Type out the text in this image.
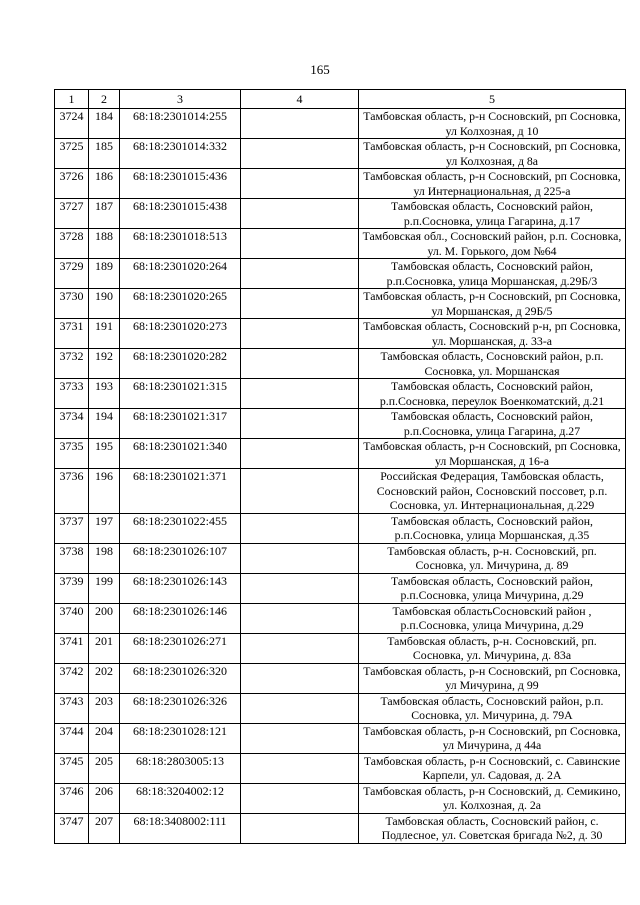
165
1	2	3	4	5
3724	184	68:18:2301014:255		Тамбовская область, р-н Сосновский, рп Сосновка, ул Колхозная, д 10
3725	185	68:18:2301014:332		Тамбовская область, р-н Сосновский, рп Сосновка, ул Колхозная, д 8а
3726	186	68:18:2301015:436		Тамбовская область, р-н Сосновский, рп Сосновка, ул Интернациональная, д 225-а
3727	187	68:18:2301015:438		Тамбовская область, Сосновский район, р.п.Сосновка, улица Гагарина, д.17
3728	188	68:18:2301018:513		Тамбовская обл., Сосновский район, р.п. Сосновка, ул. М. Горького, дом №64
3729	189	68:18:2301020:264		Тамбовская область, Сосновский район, р.п.Сосновка, улица Моршанская, д.29Б/3
3730	190	68:18:2301020:265		Тамбовская область, р-н Сосновский, рп Сосновка, ул Моршанская, д 29Б/5
3731	191	68:18:2301020:273		Тамбовская область, Сосновский р-н, рп Сосновка, ул. Моршанская, д. 33-а
3732	192	68:18:2301020:282		Тамбовская область, Сосновский район, р.п. Сосновка, ул. Моршанская
3733	193	68:18:2301021:315		Тамбовская область, Сосновский район, р.п.Сосновка, переулок Военкоматский, д.21
3734	194	68:18:2301021:317		Тамбовская область, Сосновский район, р.п.Сосновка, улица Гагарина, д.27
3735	195	68:18:2301021:340		Тамбовская область, р-н Сосновский, рп Сосновка, ул Моршанская, д 16-а
3736	196	68:18:2301021:371		Российская Федерация, Тамбовская область, Сосновский район, Сосновский поссовет, р.п. Сосновка, ул. Интернациональная, д.229
3737	197	68:18:2301022:455		Тамбовская область, Сосновский район, р.п.Сосновка, улица Моршанская, д.35
3738	198	68:18:2301026:107		Тамбовская область, р-н. Сосновский, рп. Сосновка, ул. Мичурина, д. 89
3739	199	68:18:2301026:143		Тамбовская область, Сосновский район, р.п.Сосновка, улица Мичурина, д.29
3740	200	68:18:2301026:146		Тамбовская областьСосновский район , р.п.Сосновка, улица Мичурина, д.29
3741	201	68:18:2301026:271		Тамбовская область, р-н. Сосновский, рп. Сосновка, ул. Мичурина, д. 83а
3742	202	68:18:2301026:320		Тамбовская область, р-н Сосновский, рп Сосновка, ул Мичурина, д 99
3743	203	68:18:2301026:326		Тамбовская область, Сосновский район, р.п. Сосновка, ул. Мичурина, д. 79А
3744	204	68:18:2301028:121		Тамбовская область, р-н Сосновский, рп Сосновка, ул Мичурина, д 44а
3745	205	68:18:2803005:13		Тамбовская область, р-н Сосновский, с. Савинские Карпели, ул. Садовая, д. 2А
3746	206	68:18:3204002:12		Тамбовская область, р-н Сосновский, д. Семикино, ул. Колхозная, д. 2а
3747	207	68:18:3408002:111		Тамбовская область, Сосновский район, с. Подлесное, ул. Советская бригада №2, д. 30
